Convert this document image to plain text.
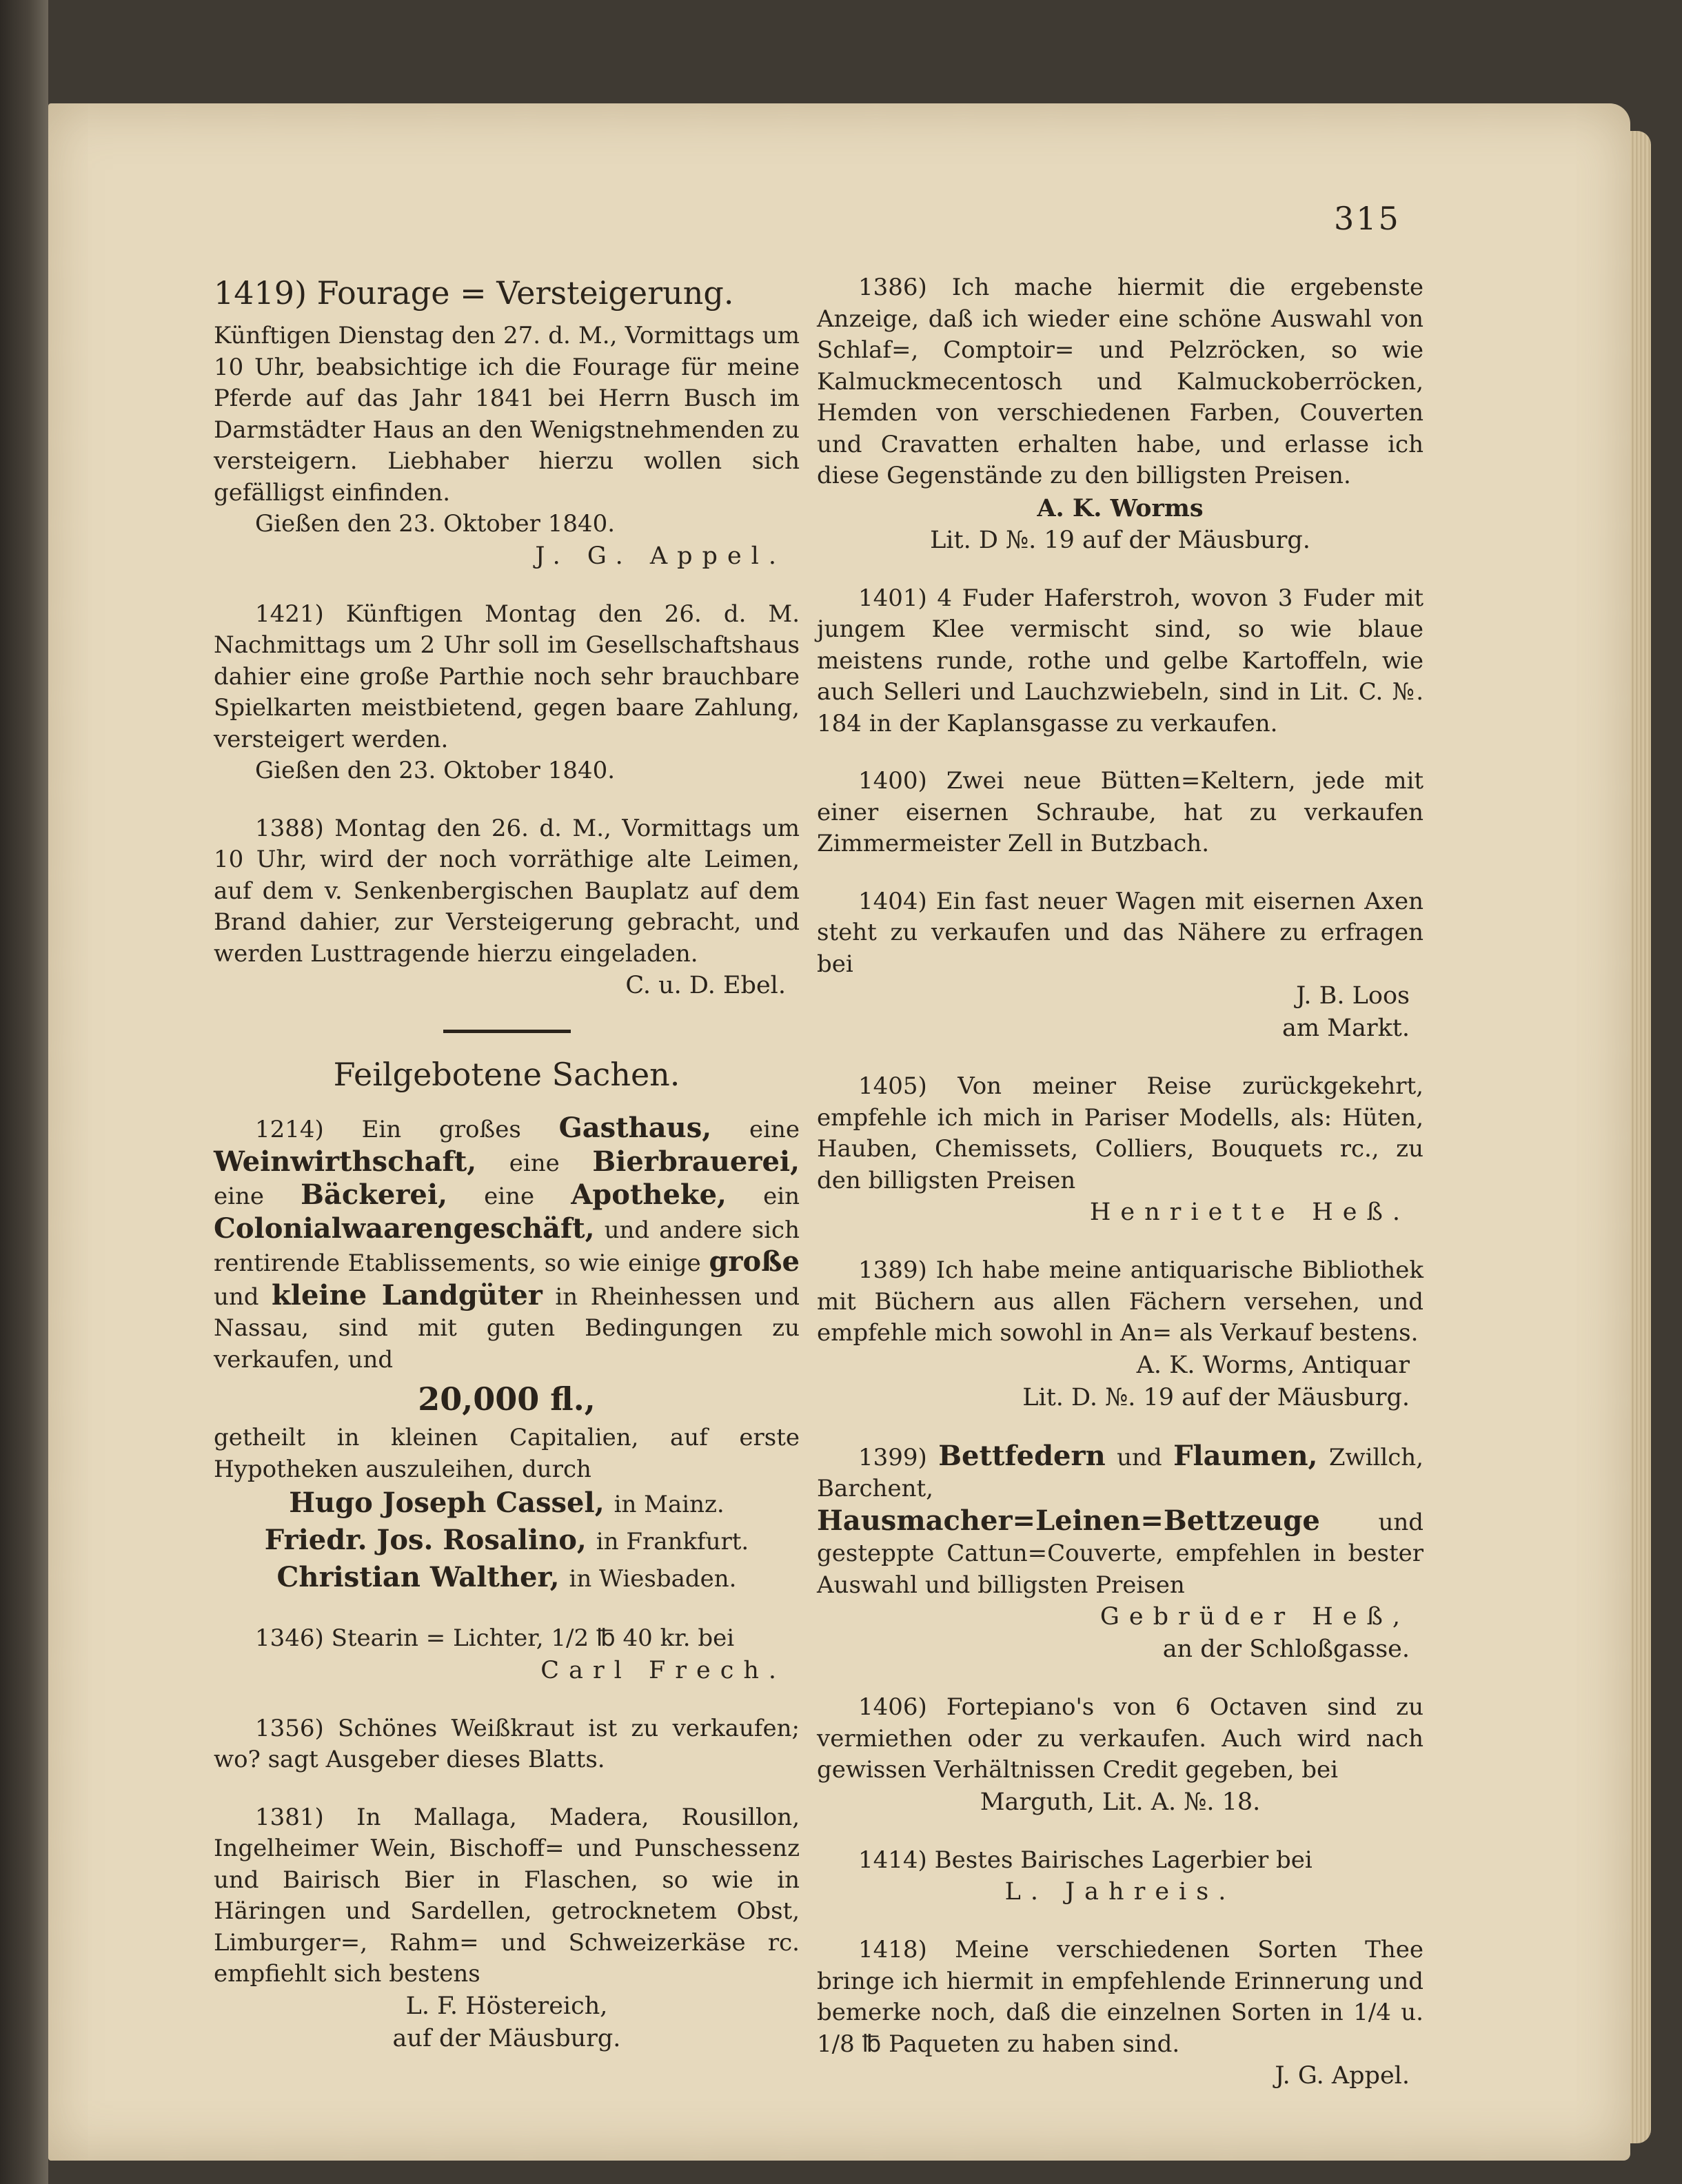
315
1419) Fourage = Versteigerung.

Künftigen Dienstag den 27. d. M., Vormittags um 10 Uhr, beabsichtige ich die Fourage für meine Pferde auf das Jahr 1841 bei Herrn Busch im Darmstädter Haus an den Wenigstnehmenden zu versteigern. Liebhaber hierzu wollen sich gefälligst einfinden.

Gießen den 23. Oktober 1840.

J. G. Appel.

1421) Künftigen Montag den 26. d. M. Nachmittags um 2 Uhr soll im Gesellschaftshaus dahier eine große Parthie noch sehr brauchbare Spielkarten meistbietend, gegen baare Zahlung, versteigert werden.

Gießen den 23. Oktober 1840.

1388) Montag den 26. d. M., Vormittags um 10 Uhr, wird der noch vorräthige alte Leimen, auf dem v. Senkenbergischen Bauplatz auf dem Brand dahier, zur Versteigerung gebracht, und werden Lusttragende hierzu eingeladen.

C. u. D. Ebel.

Feilgebotene Sachen.

1214) Ein großes Gasthaus, eine Weinwirthschaft, eine Bierbrauerei, eine Bäckerei, eine Apotheke, ein Colonialwaarengeschäft, und andere sich rentirende Etablissements, so wie einige große und kleine Landgüter in Rheinhessen und Nassau, sind mit guten Bedingungen zu verkaufen, und

20,000 fl.,

getheilt in kleinen Capitalien, auf erste Hypotheken auszuleihen, durch

Hugo Joseph Cassel, in Mainz.
Friedr. Jos. Rosalino, in Frankfurt.
Christian Walther, in Wiesbaden.

1346) Stearin = Lichter, 1/2 ℔ 40 kr. bei

Carl Frech.

1356) Schönes Weißkraut ist zu verkaufen; wo? sagt Ausgeber dieses Blatts.

1381) In Mallaga, Madera, Rousillon, Ingelheimer Wein, Bischoff= und Punschessenz und Bairisch Bier in Flaschen, so wie in Häringen und Sardellen, getrocknetem Obst, Limburger=, Rahm= und Schweizerkäse rc. empfiehlt sich bestens

L. F. Höstereich,

auf der Mäusburg.

1386) Ich mache hiermit die ergebenste Anzeige, daß ich wieder eine schöne Auswahl von Schlaf=, Comptoir= und Pelzröcken, so wie Kalmuckmecentosch und Kalmuckoberröcken, Hemden von verschiedenen Farben, Couverten und Cravatten erhalten habe, und erlasse ich diese Gegenstände zu den billigsten Preisen.

A. K. Worms

Lit. D №. 19 auf der Mäusburg.

1401) 4 Fuder Haferstroh, wovon 3 Fuder mit jungem Klee vermischt sind, so wie blaue meistens runde, rothe und gelbe Kartoffeln, wie auch Selleri und Lauchzwiebeln, sind in Lit. C. №. 184 in der Kaplansgasse zu verkaufen.

1400) Zwei neue Bütten=Keltern, jede mit einer eisernen Schraube, hat zu verkaufen Zimmermeister Zell in Butzbach.

1404) Ein fast neuer Wagen mit eisernen Axen steht zu verkaufen und das Nähere zu erfragen bei

J. B. Loos

am Markt.

1405) Von meiner Reise zurückgekehrt, empfehle ich mich in Pariser Modells, als: Hüten, Hauben, Chemissets, Colliers, Bouquets rc., zu den billigsten Preisen

Henriette Heß.

1389) Ich habe meine antiquarische Bibliothek mit Büchern aus allen Fächern versehen, und empfehle mich sowohl in An= als Verkauf bestens.

A. K. Worms, Antiquar

Lit. D. №. 19 auf der Mäusburg.

1399) Bettfedern und Flaumen, Zwillch, Barchent, Hausmacher=Leinen=Bettzeuge und gesteppte Cattun=Couverte, empfehlen in bester Auswahl und billigsten Preisen

Gebrüder Heß,

an der Schloßgasse.

1406) Fortepiano's von 6 Octaven sind zu vermiethen oder zu verkaufen. Auch wird nach gewissen Verhältnissen Credit gegeben, bei

Marguth, Lit. A. №. 18.

1414) Bestes Bairisches Lagerbier bei

L. Jahreis.

1418) Meine verschiedenen Sorten Thee bringe ich hiermit in empfehlende Erinnerung und bemerke noch, daß die einzelnen Sorten in 1/4 u. 1/8 ℔ Paqueten zu haben sind.

J. G. Appel.
